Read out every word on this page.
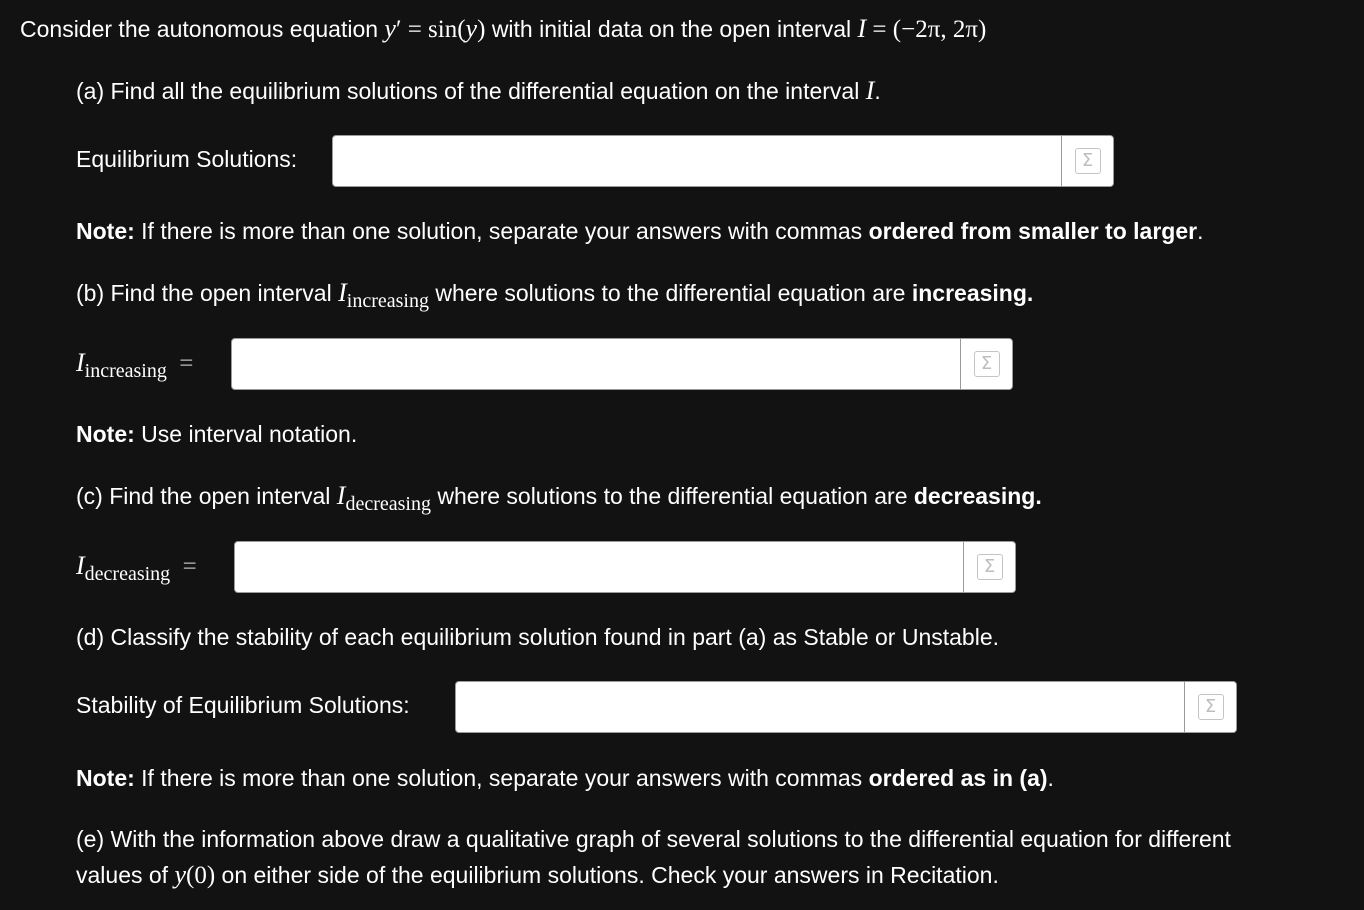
Consider the autonomous equation y′ = sin(y) with initial data on the open interval I = (−2π, 2π)
(a) Find all the equilibrium solutions of the differential equation on the interval I.
Equilibrium Solutions:	Σ
Note: If there is more than one solution, separate your answers with commas ordered from smaller to larger.
(b) Find the open interval Iincreasing where solutions to the differential equation are increasing.
Iincreasing =	Σ
Note: Use interval notation.
(c) Find the open interval Idecreasing where solutions to the differential equation are decreasing.
Idecreasing =	Σ
(d) Classify the stability of each equilibrium solution found in part (a) as Stable or Unstable.
Stability of Equilibrium Solutions:	Σ
Note: If there is more than one solution, separate your answers with commas ordered as in (a).
(e) With the information above draw a qualitative graph of several solutions to the differential equation for different
values of y(0) on either side of the equilibrium solutions. Check your answers in Recitation.
